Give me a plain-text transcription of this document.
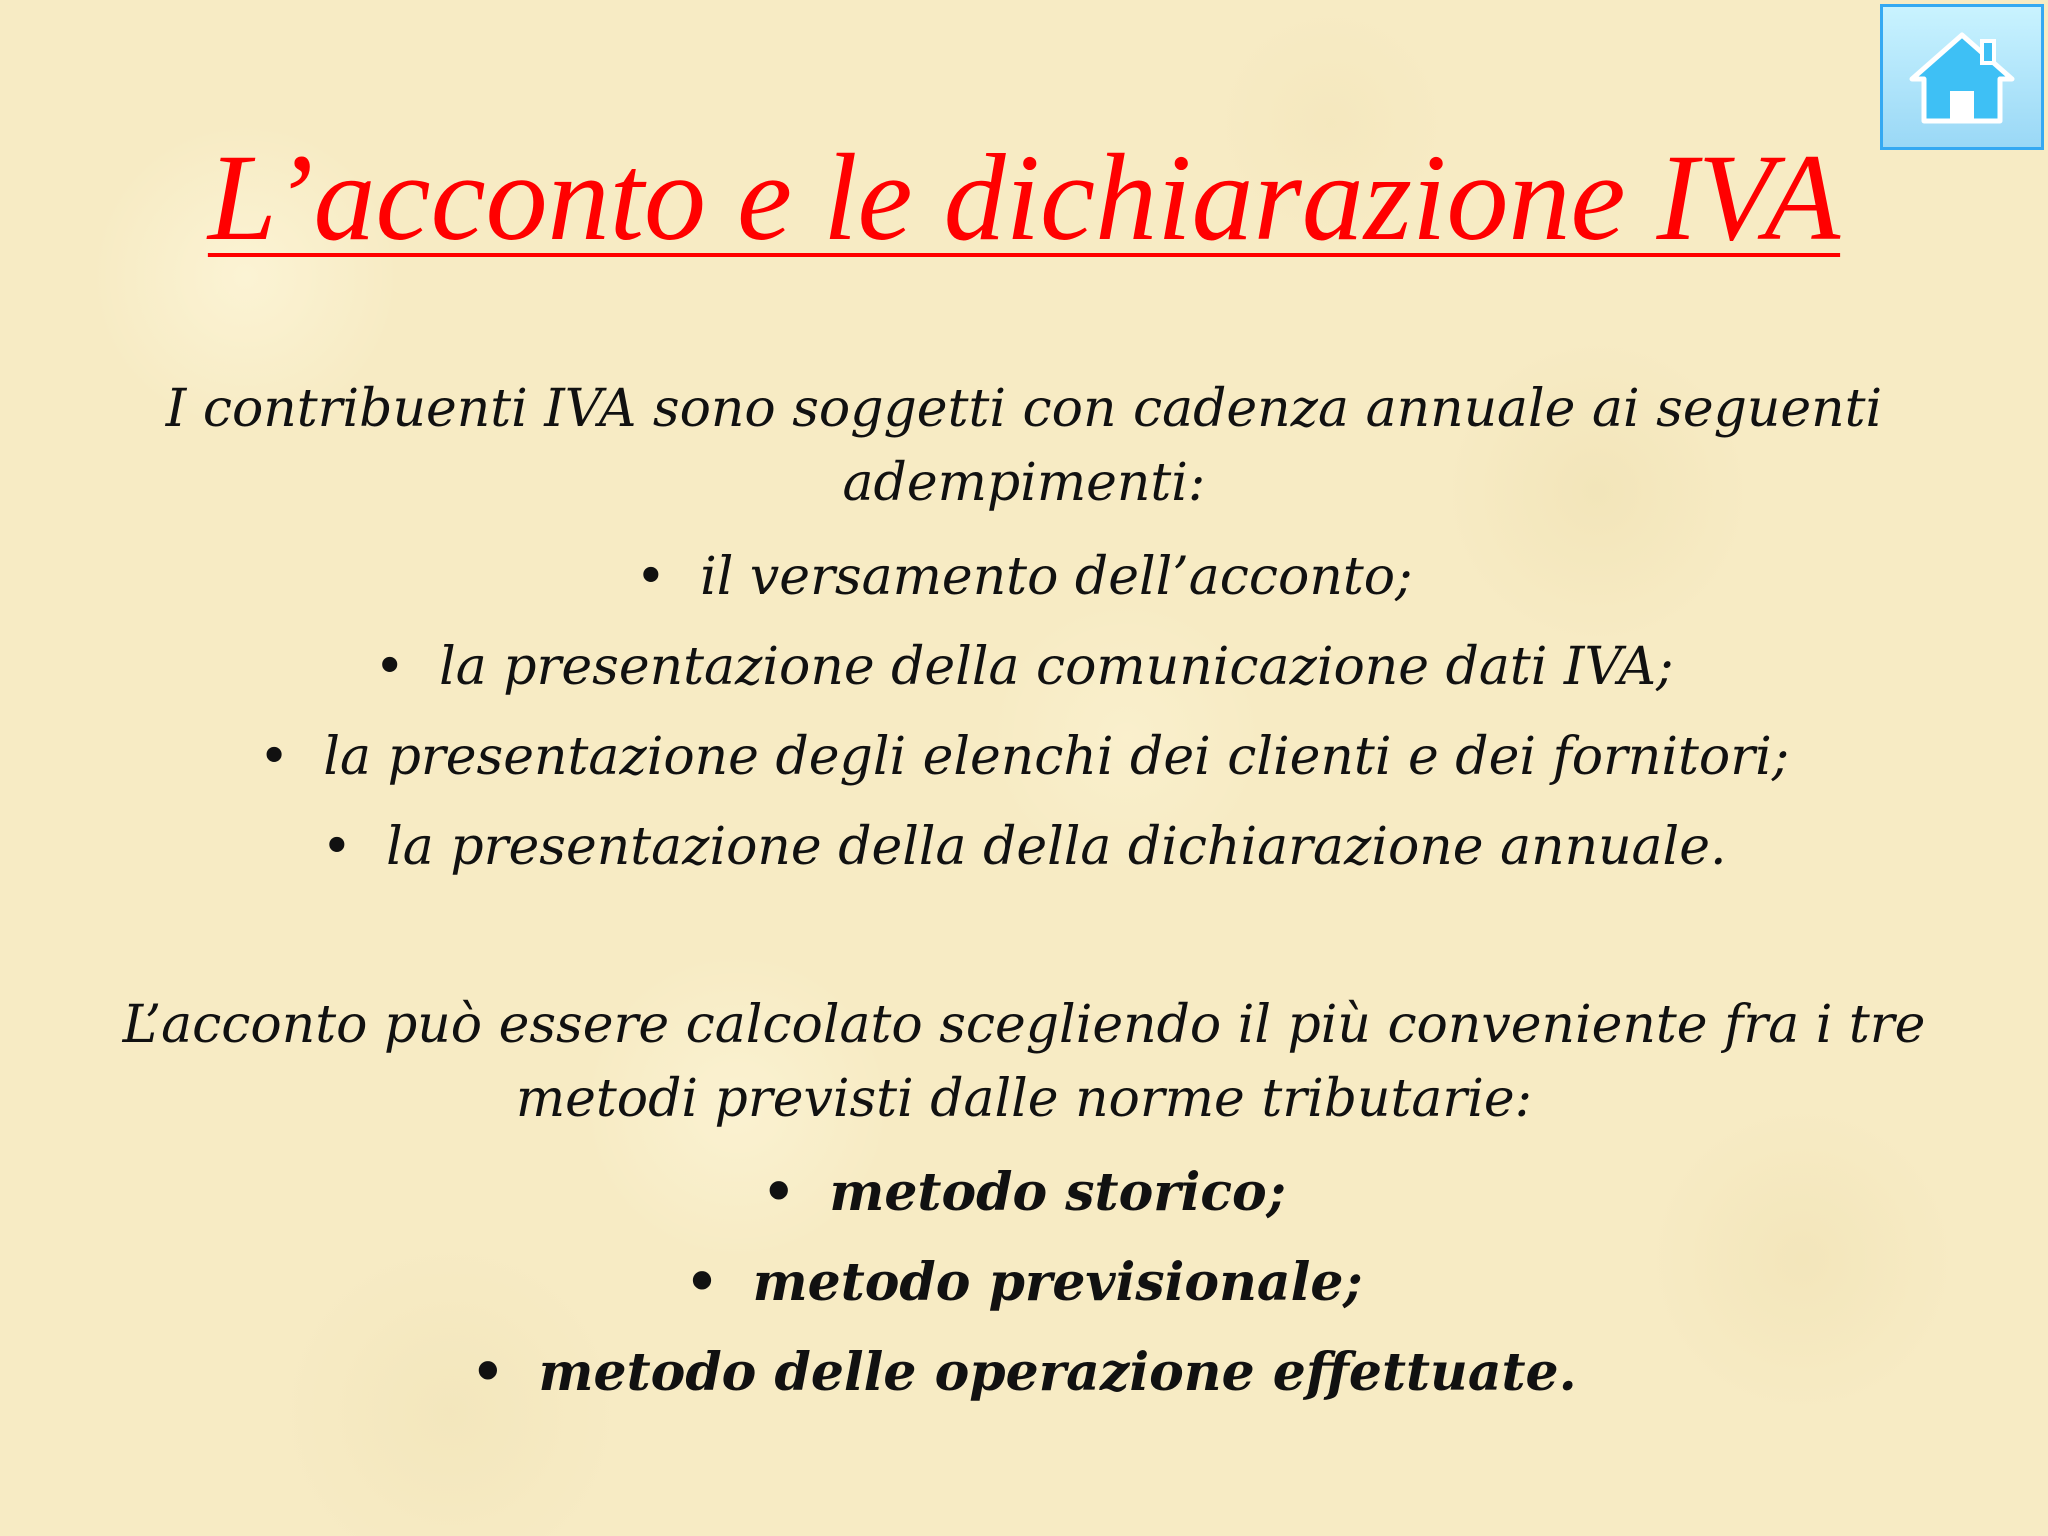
L’acconto e le dichiarazione IVA

I contribuenti IVA sono soggetti con cadenza annuale ai seguenti adempimenti:

• il versamento dell’acconto;
• la presentazione della comunicazione dati IVA;
• la presentazione degli elenchi dei clienti e dei fornitori;
• la presentazione della della dichiarazione annuale.

L’acconto può essere calcolato scegliendo il più conveniente fra i tre metodi previsti dalle norme tributarie:

• metodo storico;
• metodo previsionale;
• metodo delle operazione effettuate.
